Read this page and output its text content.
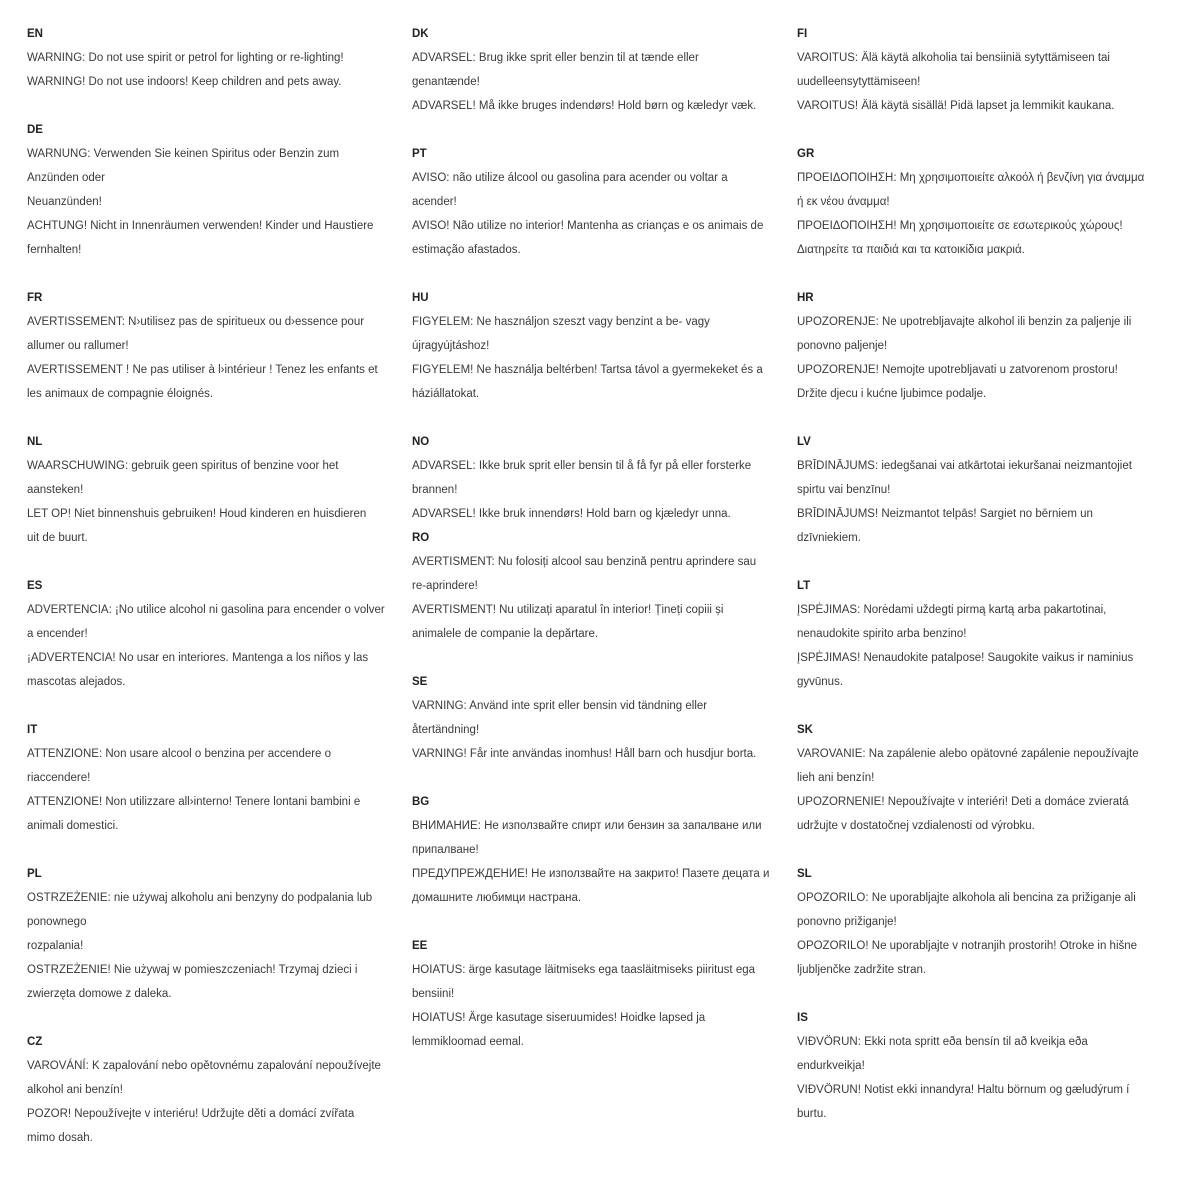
EN
WARNING: Do not use spirit or petrol for lighting or re-lighting!
WARNING! Do not use indoors! Keep children and pets away.
DE
WARNUNG: Verwenden Sie keinen Spiritus oder Benzin zum
Anzünden oder
Neuanzünden!
ACHTUNG! Nicht in Innenräumen verwenden! Kinder und Haustiere
fernhalten!
FR
AVERTISSEMENT: N›utilisez pas de spiritueux ou d›essence pour
allumer ou rallumer!
AVERTISSEMENT ! Ne pas utiliser à l›intérieur ! Tenez les enfants et
les animaux de compagnie éloignés.
NL
WAARSCHUWING: gebruik geen spiritus of benzine voor het
aansteken!
LET OP! Niet binnenshuis gebruiken! Houd kinderen en huisdieren
uit de buurt.
ES
ADVERTENCIA: ¡No utilice alcohol ni gasolina para encender o volver
a encender!
¡ADVERTENCIA! No usar en interiores. Mantenga a los niños y las
mascotas alejados.
IT
ATTENZIONE: Non usare alcool o benzina per accendere o
riaccendere!
ATTENZIONE! Non utilizzare all›interno! Tenere lontani bambini e
animali domestici.
PL
OSTRZEŻENIE: nie używaj alkoholu ani benzyny do podpalania lub
ponownego
rozpalania!
OSTRZEŻENIE! Nie używaj w pomieszczeniach! Trzymaj dzieci i
zwierzęta domowe z daleka.
CZ
VAROVÁNÍ: K zapalování nebo opětovnému zapalování nepoužívejte
alkohol ani benzín!
POZOR! Nepoužívejte v interiéru! Udržujte děti a domácí zvířata
mimo dosah.
DK
ADVARSEL: Brug ikke sprit eller benzin til at tænde eller
genantænde!
ADVARSEL! Må ikke bruges indendørs! Hold børn og kæledyr væk.
PT
AVISO: não utilize álcool ou gasolina para acender ou voltar a
acender!
AVISO! Não utilize no interior! Mantenha as crianças e os animais de
estimação afastados.
HU
FIGYELEM: Ne használjon szeszt vagy benzint a be- vagy
újragyújtáshoz!
FIGYELEM! Ne használja beltérben! Tartsa távol a gyermekeket és a
háziállatokat.
NO
ADVARSEL: Ikke bruk sprit eller bensin til å få fyr på eller forsterke
brannen!
ADVARSEL! Ikke bruk innendørs! Hold barn og kjæledyr unna.
RO
AVERTISMENT: Nu folosiți alcool sau benzină pentru aprindere sau
re-aprindere!
AVERTISMENT! Nu utilizați aparatul în interior! Țineți copiii și
animalele de companie la depărtare.
SE
VARNING: Använd inte sprit eller bensin vid tändning eller
återtändning!
VARNING! Får inte användas inomhus! Håll barn och husdjur borta.
BG
ВНИМАНИЕ: Не използвайте спирт или бензин за запалване или
припалване!
ПРЕДУПРЕЖДЕНИЕ! Не използвайте на закрито! Пазете децата и
домашните любимци настрана.
EE
HOIATUS: ärge kasutage läitmiseks ega taasläitmiseks piiritust ega
bensiini!
HOIATUS! Ärge kasutage siseruumides! Hoidke lapsed ja
lemmikloomad eemal.
FI
VAROITUS: Älä käytä alkoholia tai bensiiniä sytyttämiseen tai
uudelleensytyttämiseen!
VAROITUS! Älä käytä sisällä! Pidä lapset ja lemmikit kaukana.
GR
ΠΡΟΕΙΔΟΠΟΙΗΣΗ: Μη χρησιμοποιείτε αλκοόλ ή βενζίνη για άναμμα
ή εκ νέου άναμμα!
ΠΡΟΕΙΔΟΠΟΙΗΣΗ! Μη χρησιμοποιείτε σε εσωτερικούς χώρους!
Διατηρείτε τα παιδιά και τα κατοικίδια μακριά.
HR
UPOZORENJE: Ne upotrebljavajte alkohol ili benzin za paljenje ili
ponovno paljenje!
UPOZORENJE! Nemojte upotrebljavati u zatvorenom prostoru!
Držite djecu i kućne ljubimce podalje.
LV
BRĪDINĀJUMS: iedegšanai vai atkārtotai iekuršanai neizmantojiet
spirtu vai benzīnu!
BRĪDINĀJUMS! Neizmantot telpās! Sargiet no bērniem un
dzīvniekiem.
LT
ĮSPĖJIMAS: Norėdami uždegti pirmą kartą arba pakartotinai,
nenaudokite spirito arba benzino!
ĮSPĖJIMAS! Nenaudokite patalpose! Saugokite vaikus ir naminius
gyvūnus.
SK
VAROVANIE: Na zapálenie alebo opätovné zapálenie nepoužívajte
lieh ani benzín!
UPOZORNENIE! Nepoužívajte v interiéri! Deti a domáce zvieratá
udržujte v dostatočnej vzdialenosti od výrobku.
SL
OPOZORILO: Ne uporabljajte alkohola ali bencina za prižiganje ali
ponovno prižiganje!
OPOZORILO! Ne uporabljajte v notranjih prostorih! Otroke in hišne
ljubljenčke zadržite stran.
IS
VIÐVÖRUN: Ekki nota spritt eða bensín til að kveikja eða
endurkveikja!
VIÐVÖRUN! Notist ekki innandyra! Haltu börnum og gæludýrum í
burtu.
